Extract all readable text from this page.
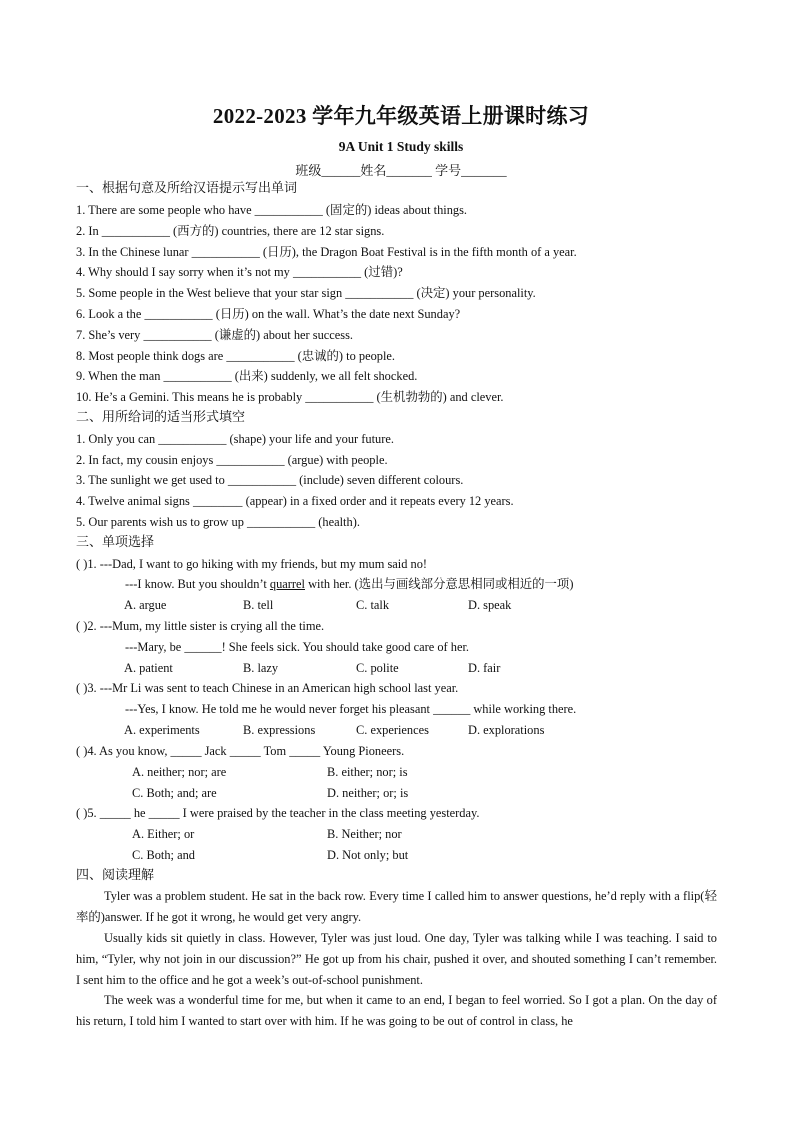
2022-2023 学年九年级英语上册课时练习
9A Unit 1 Study skills
班级______姓名_______ 学号_______
一、根据句意及所给汉语提示写出单词
1. There are some people who have ___________ (固定的) ideas about things.
2. In ___________ (西方的) countries, there are 12 star signs.
3. In the Chinese lunar ___________ (日历), the Dragon Boat Festival is in the fifth month of a year.
4. Why should I say sorry when it’s not my ___________ (过错)?
5. Some people in the West believe that your star sign ___________ (决定) your personality.
6. Look a the ___________ (日历) on the wall. What’s the date next Sunday?
7. She’s very ___________ (谦虚的) about her success.
8. Most people think dogs are ___________ (忠诚的) to people.
9. When the man ___________ (出来) suddenly, we all felt shocked.
10. He’s a Gemini. This means he is probably ___________ (生机勃勃的) and clever.
二、用所给词的适当形式填空
1. Only you can ___________ (shape) your life and your future.
2. In fact, my cousin enjoys ___________ (argue) with people.
3. The sunlight we get used to ___________ (include) seven different colours.
4. Twelve animal signs ________ (appear) in a fixed order and it repeats every 12 years.
5. Our parents wish us to grow up ___________ (health).
三、单项选择
( )1. ---Dad, I want to go hiking with my friends, but my mum said no!
---I know. But you shouldn’t quarrel with her. (选出与画线部分意思相同或相近的一项)
A. argue	B. tell	C. talk	D. speak
( )2. ---Mum, my little sister is crying all the time.
---Mary, be ______! She feels sick. You should take good care of her.
A. patient	B. lazy	C. polite	D. fair
( )3. ---Mr Li was sent to teach Chinese in an American high school last year.
---Yes, I know. He told me he would never forget his pleasant ______ while working there.
A. experiments	B. expressions	C. experiences	D. explorations
( )4. As you know, _____ Jack _____ Tom _____ Young Pioneers.
A. neither; nor; are	B. either; nor; is
C. Both; and; are	D. neither; or; is
( )5. _____ he _____ I were praised by the teacher in the class meeting yesterday.
A. Either; or	B. Neither; nor
C. Both; and	D. Not only; but
四、阅读理解
Tyler was a problem student. He sat in the back row. Every time I called him to answer questions, he’d reply with a flip(轻率的)answer. If he got it wrong, he would get very angry.
Usually kids sit quietly in class. However, Tyler was just loud. One day, Tyler was talking while I was teaching. I said to him, “Tyler, why not join in our discussion?” He got up from his chair, pushed it over, and shouted something I can’t remember. I sent him to the office and he got a week’s out-of-school punishment.
The week was a wonderful time for me, but when it came to an end, I began to feel worried. So I got a plan. On the day of his return, I told him I wanted to start over with him. If he was going to be out of control in class, he
